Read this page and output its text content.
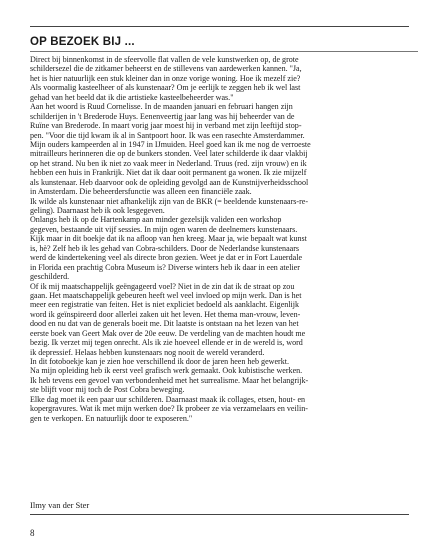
OP BEZOEK BIJ ...
Direct bij binnenkomst in de sfeervolle flat vallen de vele kunstwerken op, de grote
schildersezel die de zitkamer beheerst en de stillevens van aardewerken kannen. "Ja,
het is hier natuurlijk een stuk kleiner dan in onze vorige woning. Hoe ik mezelf zie?
Als voormalig kasteelheer of als kunstenaar? Om je eerlijk te zeggen heb ik wel last
gehad van het beeld dat ik die artistieke kasteelbeheerder was."
Aan het woord is Ruud Cornelisse. In de maanden januari en februari hangen zijn
schilderijen in 't Brederode Huys. Eenenveertig jaar lang was hij beheerder van de
Ruïne van Brederode. In maart vorig jaar moest hij in verband met zijn leeftijd stop-
pen. "Voor die tijd kwam ik al in Santpoort hoor. Ik was een rasechte Amsterdammer.
Mijn ouders kampeerden al in 1947 in IJmuiden. Heel goed kan ik me nog de verroeste
mitrailleurs herinneren die op de bunkers stonden. Veel later schilderde ik daar vlakbij
op het strand. Nu ben ik niet zo vaak meer in Nederland. Truus (red. zijn vrouw) en ik
hebben een huis in Frankrijk. Niet dat ik daar ooit permanent ga wonen. Ik zie mijzelf
als kunstenaar. Heb daarvoor ook de opleiding gevolgd aan de Kunstnijverheidsschool
in Amsterdam. Die beheerdersfunctie was alleen een financiële zaak.
Ik wilde als kunstenaar niet afhankelijk zijn van de BKR (= beeldende kunstenaars-re-
geling). Daarnaast heb ik ook lesgegeven.
Onlangs heb ik op de Hartenkamp aan minder gezelsijk validen een workshop
gegeven, bestaande uit vijf sessies. In mijn ogen waren de deelnemers kunstenaars.
Kijk maar in dit boekje dat ik na afloop van hen kreeg. Maar ja, wie bepaalt wat kunst
is, hè? Zelf heb ik les gehad van Cobra-schilders. Door de Nederlandse kunstenaars
werd de kindertekening veel als directe bron gezien. Weet je dat er in Fort Lauerdale
in Florida een prachtig Cobra Museum is? Diverse winters heb ik daar in een atelier
geschilderd.
Of ik mij maatschappelijk geëngageerd voel? Niet in de zin dat ik de straat op zou
gaan. Het maatschappelijk gebeuren heeft wel veel invloed op mijn werk. Dan is het
meer een registratie van feiten. Het is niet expliciet bedoeld als aanklacht. Eigenlijk
word ik geïnspireerd door allerlei zaken uit het leven. Het thema man-vrouw, leven-
dood en nu dat van de generals boeit me. Dit laatste is ontstaan na het lezen van het
eerste boek van Geert Mak over de 20e eeuw. De verdeling van de machten houdt me
bezig. Ik verzet mij tegen onrecht. Als ik zie hoeveel ellende er in de wereld is, word
ik depressief. Helaas hebben kunstenaars nog nooit de wereld veranderd.
In dit fotoboekje kan je zien hoe verschillend ik door de jaren heen heb gewerkt.
Na mijn opleiding heb ik eerst veel grafisch werk gemaakt. Ook kubistische werken.
Ik heb tevens een gevoel van verbondenheid met het surrealisme. Maar het belangrijk-
ste blijft voor mij toch de Post Cobra beweging.
Elke dag moet ik een paar uur schilderen. Daarnaast maak ik collages, etsen, hout- en
kopergravures. Wat ik met mijn werken doe? Ik probeer ze via verzamelaars en veilin-
gen te verkopen. En natuurlijk door te exposeren."

Ilmy van der Ster

8
